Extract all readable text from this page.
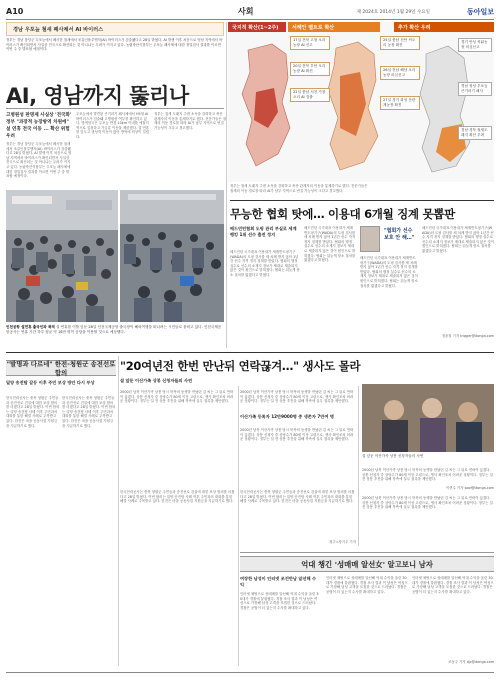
A10	사회	제 2024호 2014년 1월 29일 수요일	동아일보
경남 우포늪 철새 폐사체서 AI 바이러스
정부는 경남 창녕군 우포늪에서 폐사한 철새에서 조류인플루엔자(AI) 바이러스가 검출됐다고 28일 밝혔다. AI 발생 이후 처음으로 영남 지역에서 바이러스가 확인되면서 사실상 전국으로 확산되는 것 아니냐는 우려가 커지고 있다. 농림축산식품부는 우포늪 폐사체에 대한 정밀검사 결과를 이르면 이번 주 중 발표할 예정이다.
국지적 확산(1~2주)	서해안 벨트로 확산	추가 확산 우려
17일 전북 고창 오리농장 AI 신고
20일 전북 부안 오리농장 AI 확진
22일 충남 서천 가창오리 AI 검출
25일 충남 천안 씨오리 농장 확진
26일 전남 해남 오리농장 의심신고
27일 경기 화성 산란계농장 확진
경기 안성 씨닭농장 의심신고
경남 창녕 우포늪 큰기러기 폐사
경남·경북 철새도래지 확산 우려
AI, 영남까지 뚫리나
고병원성 판명제 사실상 '전국화'
정부 "과장적 농장방역 차원에"
설 연휴 전국 이동 ... 확산 위험 우려
정부는 경남 창녕군 우포늪에서 폐사한 철새에서 조류인플루엔자(AI) 바이러스가 검출됐다고 28일 밝혔다. AI 발생 이후 처음으로 영남 지역에서 바이러스가 확인되면서 사실상 전국으로 확산되는 것 아니냐는 우려가 커지고 있다. 농림축산식품부는 우포늪 폐사체에 대한 정밀검사 결과를 이르면 이번 주 중 발표할 예정이다.
우포늪에서 발견된 큰기러기 폐사체에서 H5형 AI 바이러스가 검출돼 고병원성 여부를 확인하고 있다. 방역당국은 우포늪 반경 10km 이내를 예찰지역으로 설정하고 가금류 이동을 제한했다. 설 연휴를 앞두고 귀성객 이동이 많아 방역에 비상이 걸렸다.
정부는 철새 도래지 주변 소독을 강화하고 축산 관계자의 이동을 통제하기로 했다. 전문가들은 철새의 이동 경로를 따라 AI가 남부 지역으로 번질 가능성이 크다고 경고했다.
정부는 철새 도래지 주변 소독을 강화하고 축산 관계자의 이동을 통제하기로 했다. 전문가들은 철새의 이동 경로를 따라 AI가 남부 지역으로 번질 가능성이 크다고 경고했다.
인천공항 설연휴 출국인파 북적 설 연휴를 이틀 앞둔 28일 인천국제공항 출국장이 해외여행을 떠나려는 시민들로 붐비고 있다. 인천국제공항공사는 연휴 기간 하루 평균 약 16만 명이 공항을 이용할 것으로 예상했다.
무능한 협회 탓에… 이용대 6개월 징계 못뽑판
배드민턴협회 도핑 관리 부실로 세계랭킹 1위 선수 출전 정지
배드민턴 국가대표 이용대가 세계반도핑기구(WADA)의 도핑 검사를 세 차례 받지 않아 1년간 선수 자격 정지 징계를 받았다. 협회의 행정 실수로 선수의 소재지 정보가 제대로 제출되지 않은 것이 원인으로 밝혀졌다. 협회는 뒤늦게 항소 절차를 밟겠다고 밝혔다.
배드민턴 국가대표 이용대가 세계반도핑기구(WADA)의 도핑 검사를 세 차례 받지 않아 1년간 선수 자격 정지 징계를 받았다. 협회의 행정 실수로 선수의 소재지 정보가 제대로 제출되지 않은 것이 원인으로 밝혀졌다. 협회는 뒤늦게 항소 절차를 밟겠다고 밝혔다.
"협회가 선수 보호 안 해…"
배드민턴 국가대표 이용대가 세계반도핑기구(WADA)의 도핑 검사를 세 차례 받지 않아 1년간 선수 자격 정지 징계를 받았다. 협회의 행정 실수로 선수의 소재지 정보가 제대로 제출되지 않은 것이 원인으로 밝혀졌다. 협회는 뒤늦게 항소 절차를 밟겠다고 밝혔다.
배드민턴 국가대표 이용대가 세계반도핑기구(WADA)의 도핑 검사를 세 차례 받지 않아 1년간 선수 자격 정지 징계를 받았다. 협회의 행정 실수로 선수의 소재지 정보가 제대로 제출되지 않은 것이 원인으로 밝혀졌다. 협회는 뒤늦게 항소 절차를 밟겠다고 밝혔다.
정윤철 기자 trigger@donga.com
"20여년전 한번 만난뒤 연락끊겨…" 생사도 몰라
설 앞둔 이산가족 상봉 신청자들의 사연
2000년 남북 이산가족 상봉 당시 북측의 동생을 만났던 김 씨는 그 뒤로 연락이 끊겼다. 상봉 신청자 중 상당수가 80세 이상 고령으로, 생사 확인조차 어려운 상황이다. 정부는 설 전 상봉 추진을 위해 북측에 실무 접촉을 제안했다.
2000년 남북 이산가족 상봉 당시 북측의 동생을 만났던 김 씨는 그 뒤로 연락이 끊겼다. 상봉 신청자 중 상당수가 80세 이상 고령으로, 생사 확인조차 어려운 상황이다. 정부는 설 전 상봉 추진을 위해 북측에 실무 접촉을 제안했다.
이산가족 등록자 12만9000명 중 생존자 7만여 명
2000년 남북 이산가족 상봉 당시 북측의 동생을 만났던 김 씨는 그 뒤로 연락이 끊겼다. 상봉 신청자 중 상당수가 80세 이상 고령으로, 생사 확인조차 어려운 상황이다. 정부는 설 전 상봉 추진을 위해 북측에 실무 접촉을 제안했다.
설 앞둔 이산가족 상봉 신청자들의 사연
2000년 남북 이산가족 상봉 당시 북측의 동생을 만났던 김 씨는 그 뒤로 연락이 끊겼다. 상봉 신청자 중 상당수가 80세 이상 고령으로, 생사 확인조차 어려운 상황이다. 정부는 설 전 상봉 추진을 위해 북측에 실무 접촉을 제안했다.
이현수 기자 soof@donga.com
"발명과 다르네" 한전-청원군 송전선로 합의
밀양 송전탑 갈등 이후 주민 보상 방안 다시 부상
한국전력공사는 충북 청원군 주민들과 송전선로 건설에 대한 보상 합의를 마쳤다고 28일 밝혔다. 이번 합의는 밀양 송전탑 사태 이후 주민과의 대화를 통한 해결 사례로 주목받고 있다. 한전은 마을 공동사업 지원금을 지급하기로 했다.
한국전력공사는 충북 청원군 주민들과 송전선로 건설에 대한 보상 합의를 마쳤다고 28일 밝혔다. 이번 합의는 밀양 송전탑 사태 이후 주민과의 대화를 통한 해결 사례로 주목받고 있다. 한전은 마을 공동사업 지원금을 지급하기로 했다.
한국전력공사는 충북 청원군 주민들과 송전선로 건설에 대한 보상 합의를 마쳤다고 28일 밝혔다. 이번 합의는 밀양 송전탑 사태 이후 주민과의 대화를 통한 해결 사례로 주목받고 있다. 한전은 마을 공동사업 지원금을 지급하기로 했다.
한국전력공사는 충북 청원군 주민들과 송전선로 건설에 대한 보상 합의를 마쳤다고 28일 밝혔다. 이번 합의는 밀양 송전탑 사태 이후 주민과의 대화를 통한 해결 사례로 주목받고 있다. 한전은 마을 공동사업 지원금을 지급하기로 했다.
청주=장기우 기자
억대 챙긴 '성매매 알선女' 알고보니 남자
여장한 남성이 인터넷 조건만남 알선해 수익
인터넷 채팅으로 성매매를 알선해 억대 수익을 올린 30대가 경찰에 붙잡혔다. 경찰 조사 결과 이 남성은 여성으로 가장해 남성 고객을 모집한 것으로 드러났다. 경찰은 공범이 더 있는지 수사를 확대하고 있다.
인터넷 채팅으로 성매매를 알선해 억대 수익을 올린 30대가 경찰에 붙잡혔다. 경찰 조사 결과 이 남성은 여성으로 가장해 남성 고객을 모집한 것으로 드러났다. 경찰은 공범이 더 있는지 수사를 확대하고 있다.
인터넷 채팅으로 성매매를 알선해 억대 수익을 올린 30대가 경찰에 붙잡혔다. 경찰 조사 결과 이 남성은 여성으로 가장해 남성 고객을 모집한 것으로 드러났다. 경찰은 공범이 더 있는지 수사를 확대하고 있다.
조동주 기자 djc@donga.com
2000년 남북 이산가족 상봉 당시 북측의 동생을 만났던 김 씨는 그 뒤로 연락이 끊겼다. 상봉 신청자 중 상당수가 80세 이상 고령으로, 생사 확인조차 어려운 상황이다. 정부는 설 전 상봉 추진을 위해 북측에 실무 접촉을 제안했다.
